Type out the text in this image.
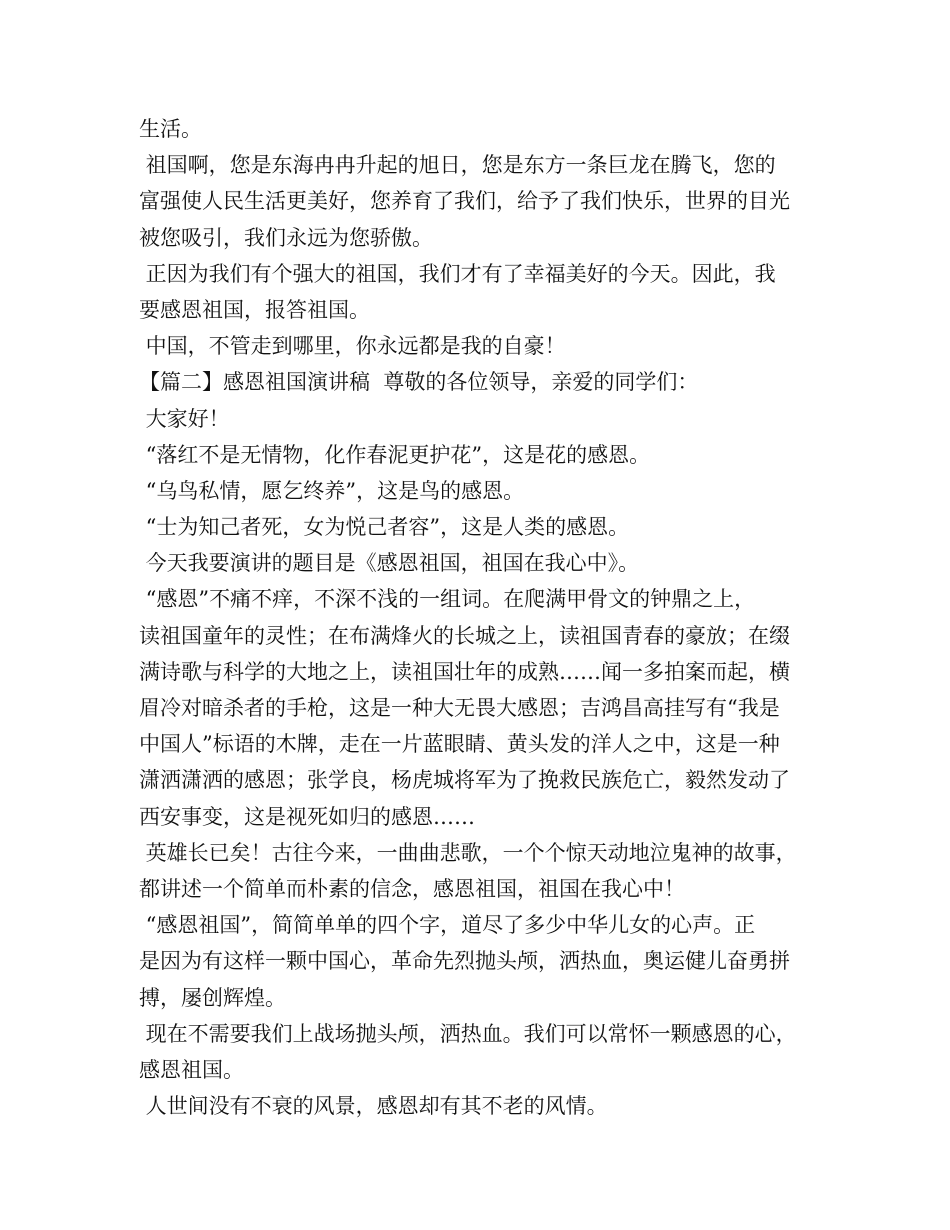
生活。
祖国啊，您是东海冉冉升起的旭日，您是东方一条巨龙在腾飞，您的
富强使人民生活更美好，您养育了我们，给予了我们快乐，世界的目光
被您吸引，我们永远为您骄傲。
正因为我们有个强大的祖国，我们才有了幸福美好的今天。因此，我
要感恩祖国，报答祖国。
中国，不管走到哪里，你永远都是我的自豪！
【篇二】感恩祖国演讲稿  尊敬的各位领导，亲爱的同学们：
大家好！
“落红不是无情物，化作春泥更护花”，这是花的感恩。
“乌鸟私情，愿乞终养”，这是鸟的感恩。
“士为知己者死，女为悦己者容”，这是人类的感恩。
今天我要演讲的题目是《感恩祖国，祖国在我心中》。
“感恩”不痛不痒，不深不浅的一组词。在爬满甲骨文的钟鼎之上，
读祖国童年的灵性；在布满烽火的长城之上，读祖国青春的豪放；在缀
满诗歌与科学的大地之上，读祖国壮年的成熟……闻一多拍案而起，横
眉冷对暗杀者的手枪，这是一种大无畏大感恩；吉鸿昌高挂写有“我是
中国人”标语的木牌，走在一片蓝眼睛、黄头发的洋人之中，这是一种
潇洒潇洒的感恩；张学良，杨虎城将军为了挽救民族危亡，毅然发动了
西安事变，这是视死如归的感恩……
英雄长已矣！古往今来，一曲曲悲歌，一个个惊天动地泣鬼神的故事，
都讲述一个简单而朴素的信念，感恩祖国，祖国在我心中！
“感恩祖国”，简简单单的四个字，道尽了多少中华儿女的心声。正
是因为有这样一颗中国心，革命先烈抛头颅，洒热血，奥运健儿奋勇拼
搏，屡创辉煌。
现在不需要我们上战场抛头颅，洒热血。我们可以常怀一颗感恩的心，
感恩祖国。
人世间没有不衰的风景，感恩却有其不老的风情。
